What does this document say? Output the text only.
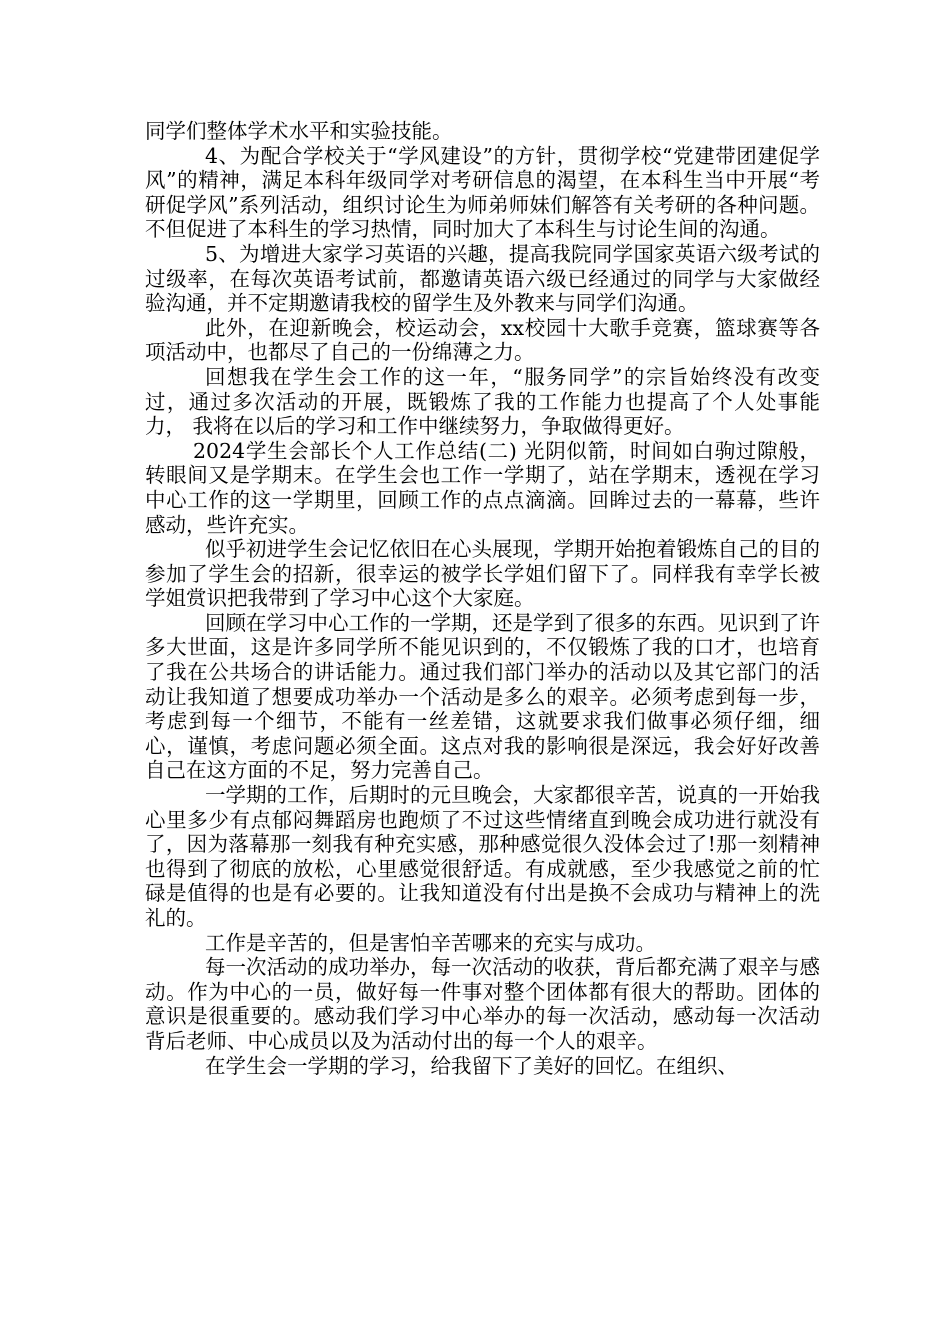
同学们整体学术水平和实验技能。

4、为配合学校关于“学风建设”的方针，贯彻学校“党建带团建促学风”的精神，满足本科年级同学对考研信息的渴望，在本科生当中开展“考研促学风”系列活动，组织讨论生为师弟师妹们解答有关考研的各种问题。不但促进了本科生的学习热情，同时加大了本科生与讨论生间的沟通。

5、为增进大家学习英语的兴趣，提高我院同学国家英语六级考试的过级率，在每次英语考试前，都邀请英语六级已经通过的同学与大家做经验沟通，并不定期邀请我校的留学生及外教来与同学们沟通。

此外，在迎新晚会，校运动会，xx校园十大歌手竞赛，篮球赛等各项活动中，也都尽了自己的一份绵薄之力。

回想我在学生会工作的这一年，“服务同学”的宗旨始终没有改变过，通过多次活动的开展，既锻炼了我的工作能力也提高了个人处事能力， 我将在以后的学习和工作中继续努力，争取做得更好。

2024学生会部长个人工作总结(二) 光阴似箭，时间如白驹过隙般，转眼间又是学期末。在学生会也工作一学期了，站在学期末，透视在学习中心工作的这一学期里，回顾工作的点点滴滴。回眸过去的一幕幕，些许感动，些许充实。

似乎初进学生会记忆依旧在心头展现，学期开始抱着锻炼自己的目的参加了学生会的招新，很幸运的被学长学姐们留下了。同样我有幸学长被学姐赏识把我带到了学习中心这个大家庭。

回顾在学习中心工作的一学期，还是学到了很多的东西。见识到了许多大世面，这是许多同学所不能见识到的，不仅锻炼了我的口才，也培育了我在公共场合的讲话能力。通过我们部门举办的活动以及其它部门的活动让我知道了想要成功举办一个活动是多么的艰辛。必须考虑到每一步，考虑到每一个细节，不能有一丝差错，这就要求我们做事必须仔细，细心，谨慎，考虑问题必须全面。这点对我的影响很是深远，我会好好改善自己在这方面的不足，努力完善自己。

一学期的工作，后期时的元旦晚会，大家都很辛苦，说真的一开始我心里多少有点郁闷舞蹈房也跑烦了不过这些情绪直到晚会成功进行就没有了，因为落幕那一刻我有种充实感，那种感觉很久没体会过了!那一刻精神也得到了彻底的放松，心里感觉很舒适。有成就感，至少我感觉之前的忙碌是值得的也是有必要的。让我知道没有付出是换不会成功与精神上的洗礼的。

工作是辛苦的，但是害怕辛苦哪来的充实与成功。

每一次活动的成功举办，每一次活动的收获，背后都充满了艰辛与感动。作为中心的一员，做好每一件事对整个团体都有很大的帮助。团体的意识是很重要的。感动我们学习中心举办的每一次活动，感动每一次活动背后老师、中心成员以及为活动付出的每一个人的艰辛。

在学生会一学期的学习，给我留下了美好的回忆。在组织、
